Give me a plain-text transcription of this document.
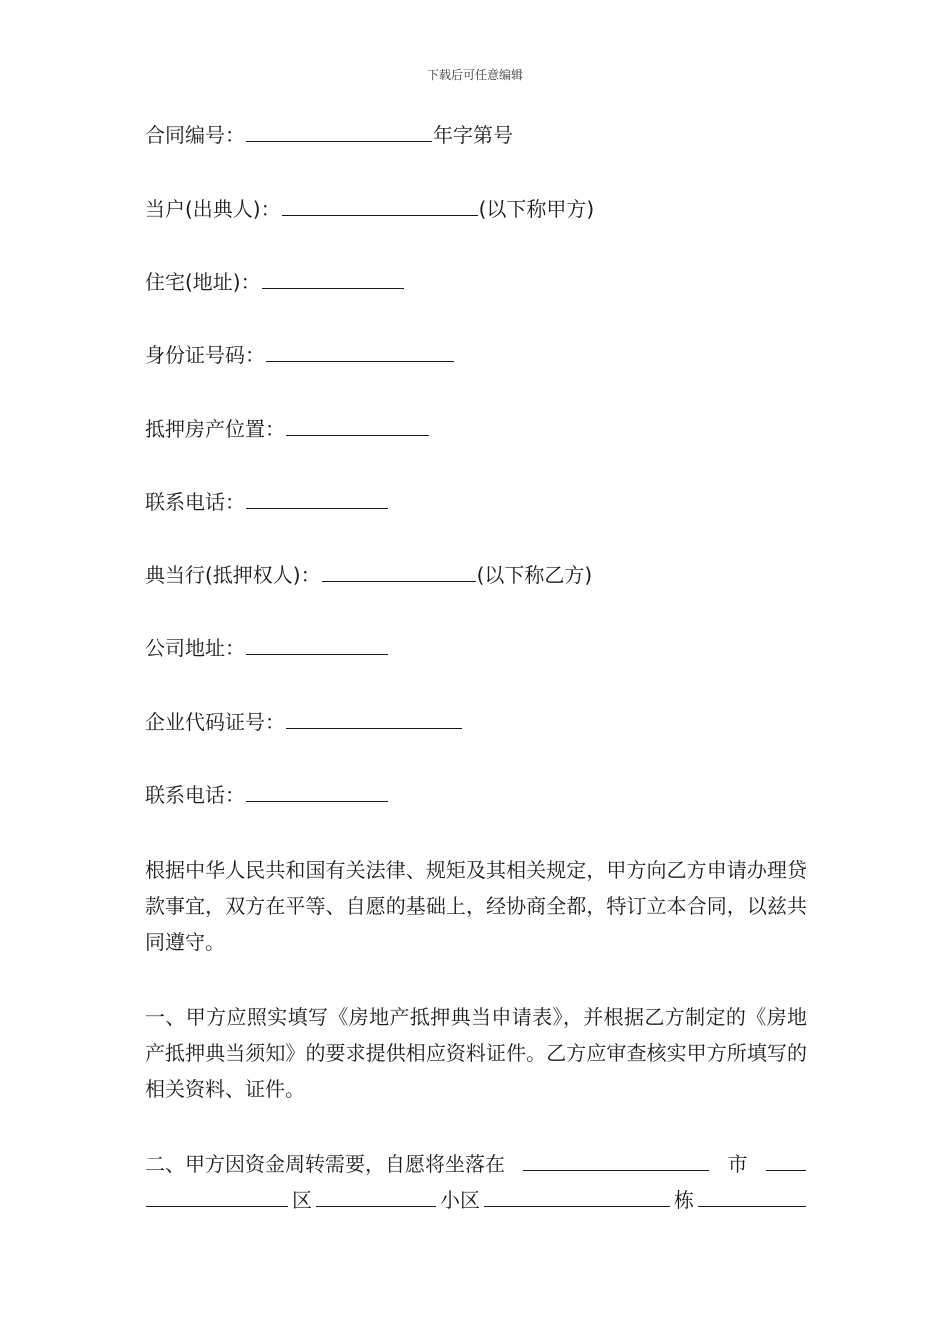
下载后可任意编辑
合同编号：	年字第号
当户(出典人)：	(以下称甲方)
住宅(地址)：
身份证号码：
抵押房产位置：
联系电话：
典当行(抵押权人)：	(以下称乙方)
公司地址：
企业代码证号：
联系电话：
根据中华人民共和国有关法律、规矩及其相关规定，甲方向乙方申请办理贷款事宜，双方在平等、自愿的基础上，经协商全都，特订立本合同，以兹共同遵守。
一、甲方应照实填写《房地产抵押典当申请表》，并根据乙方制定的《房地产抵押典当须知》的要求提供相应资料证件。乙方应审查核实甲方所填写的相关资料、证件。
二、甲方因资金周转需要，自愿将坐落在	市
区	小区	栋
